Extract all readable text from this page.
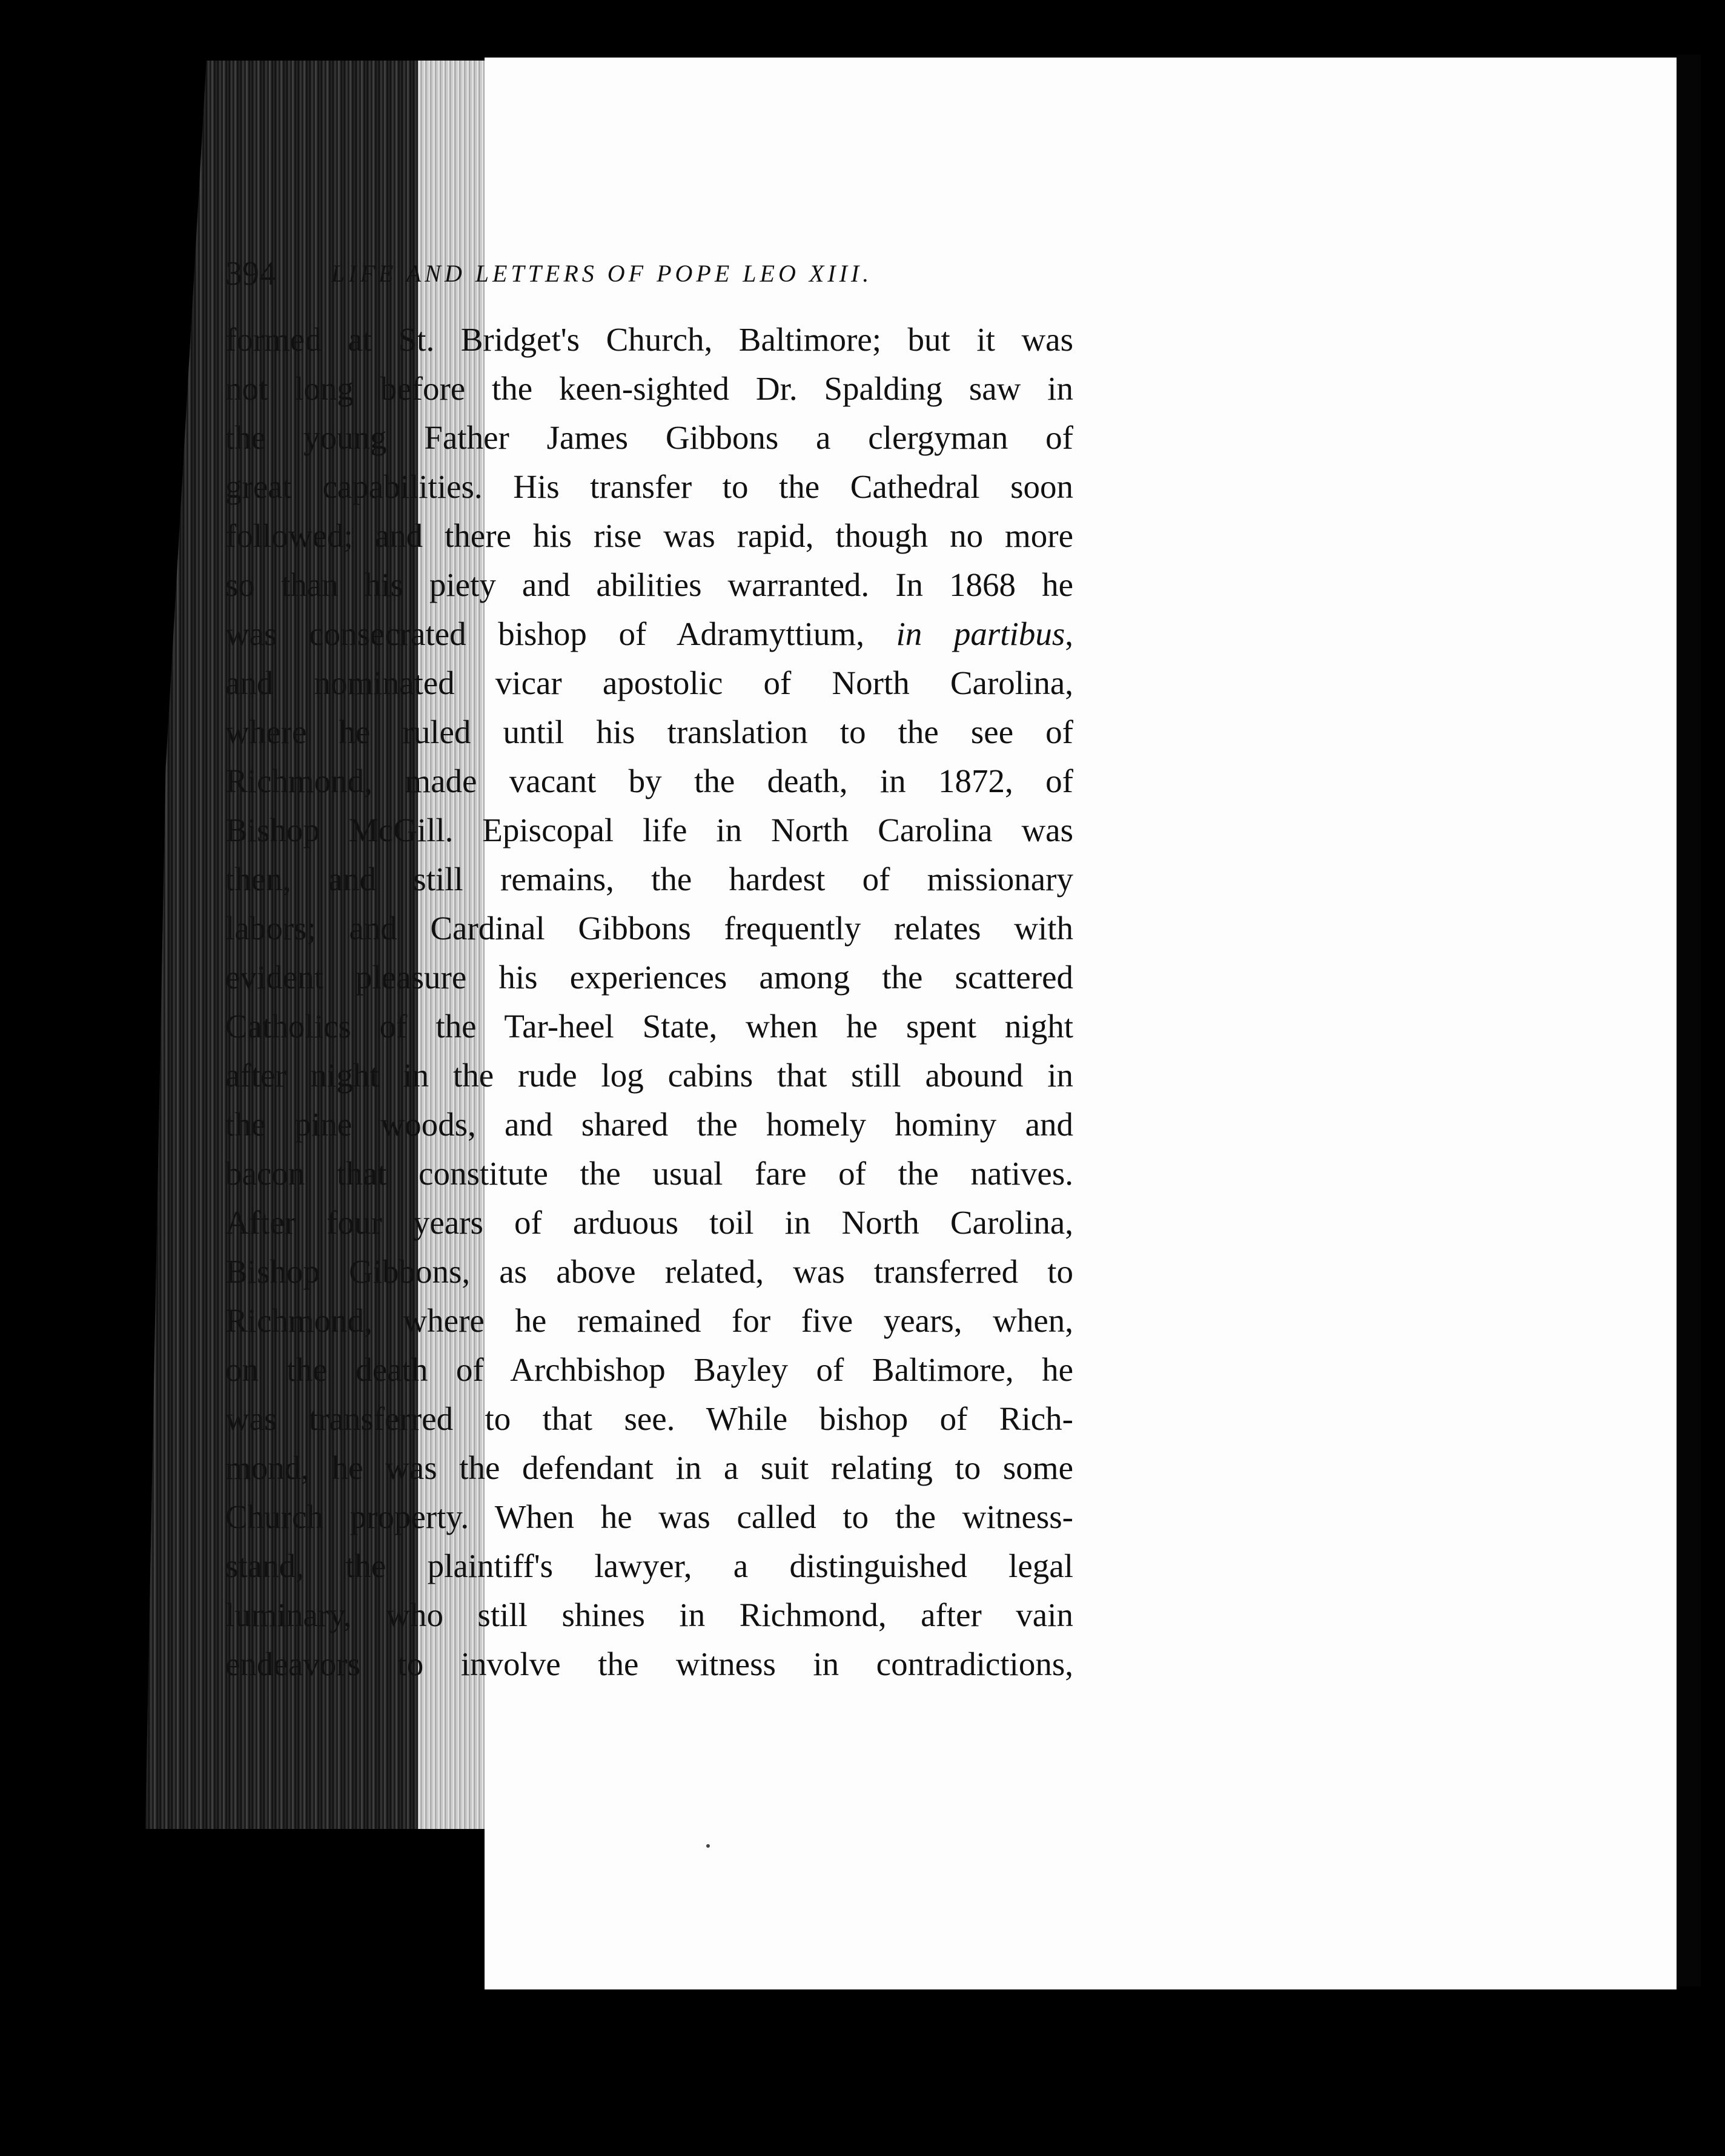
394 LIFE AND LETTERS OF POPE LEO XIII.
formed at St. Bridget's Church, Baltimore; but it was
not long before the keen-sighted Dr. Spalding saw in
the young Father James Gibbons a clergyman of
great capabilities. His transfer to the Cathedral soon
followed; and there his rise was rapid, though no more
so than his piety and abilities warranted. In 1868 he
was consecrated bishop of Adramyttium, in partibus,
and nominated vicar apostolic of North Carolina,
where he ruled until his translation to the see of
Richmond, made vacant by the death, in 1872, of
Bishop McGill. Episcopal life in North Carolina was
then, and still remains, the hardest of missionary
labors; and Cardinal Gibbons frequently relates with
evident pleasure his experiences among the scattered
Catholics of the Tar-heel State, when he spent night
after night in the rude log cabins that still abound in
the pine woods, and shared the homely hominy and
bacon that constitute the usual fare of the natives.
After four years of arduous toil in North Carolina,
Bishop Gibbons, as above related, was transferred to
Richmond, where he remained for five years, when,
on the death of Archbishop Bayley of Baltimore, he
was transferred to that see. While bishop of Rich-
mond, he was the defendant in a suit relating to some
Church property. When he was called to the witness-
stand, the plaintiff's lawyer, a distinguished legal
luminary, who still shines in Richmond, after vain
endeavors to involve the witness in contradictions,
